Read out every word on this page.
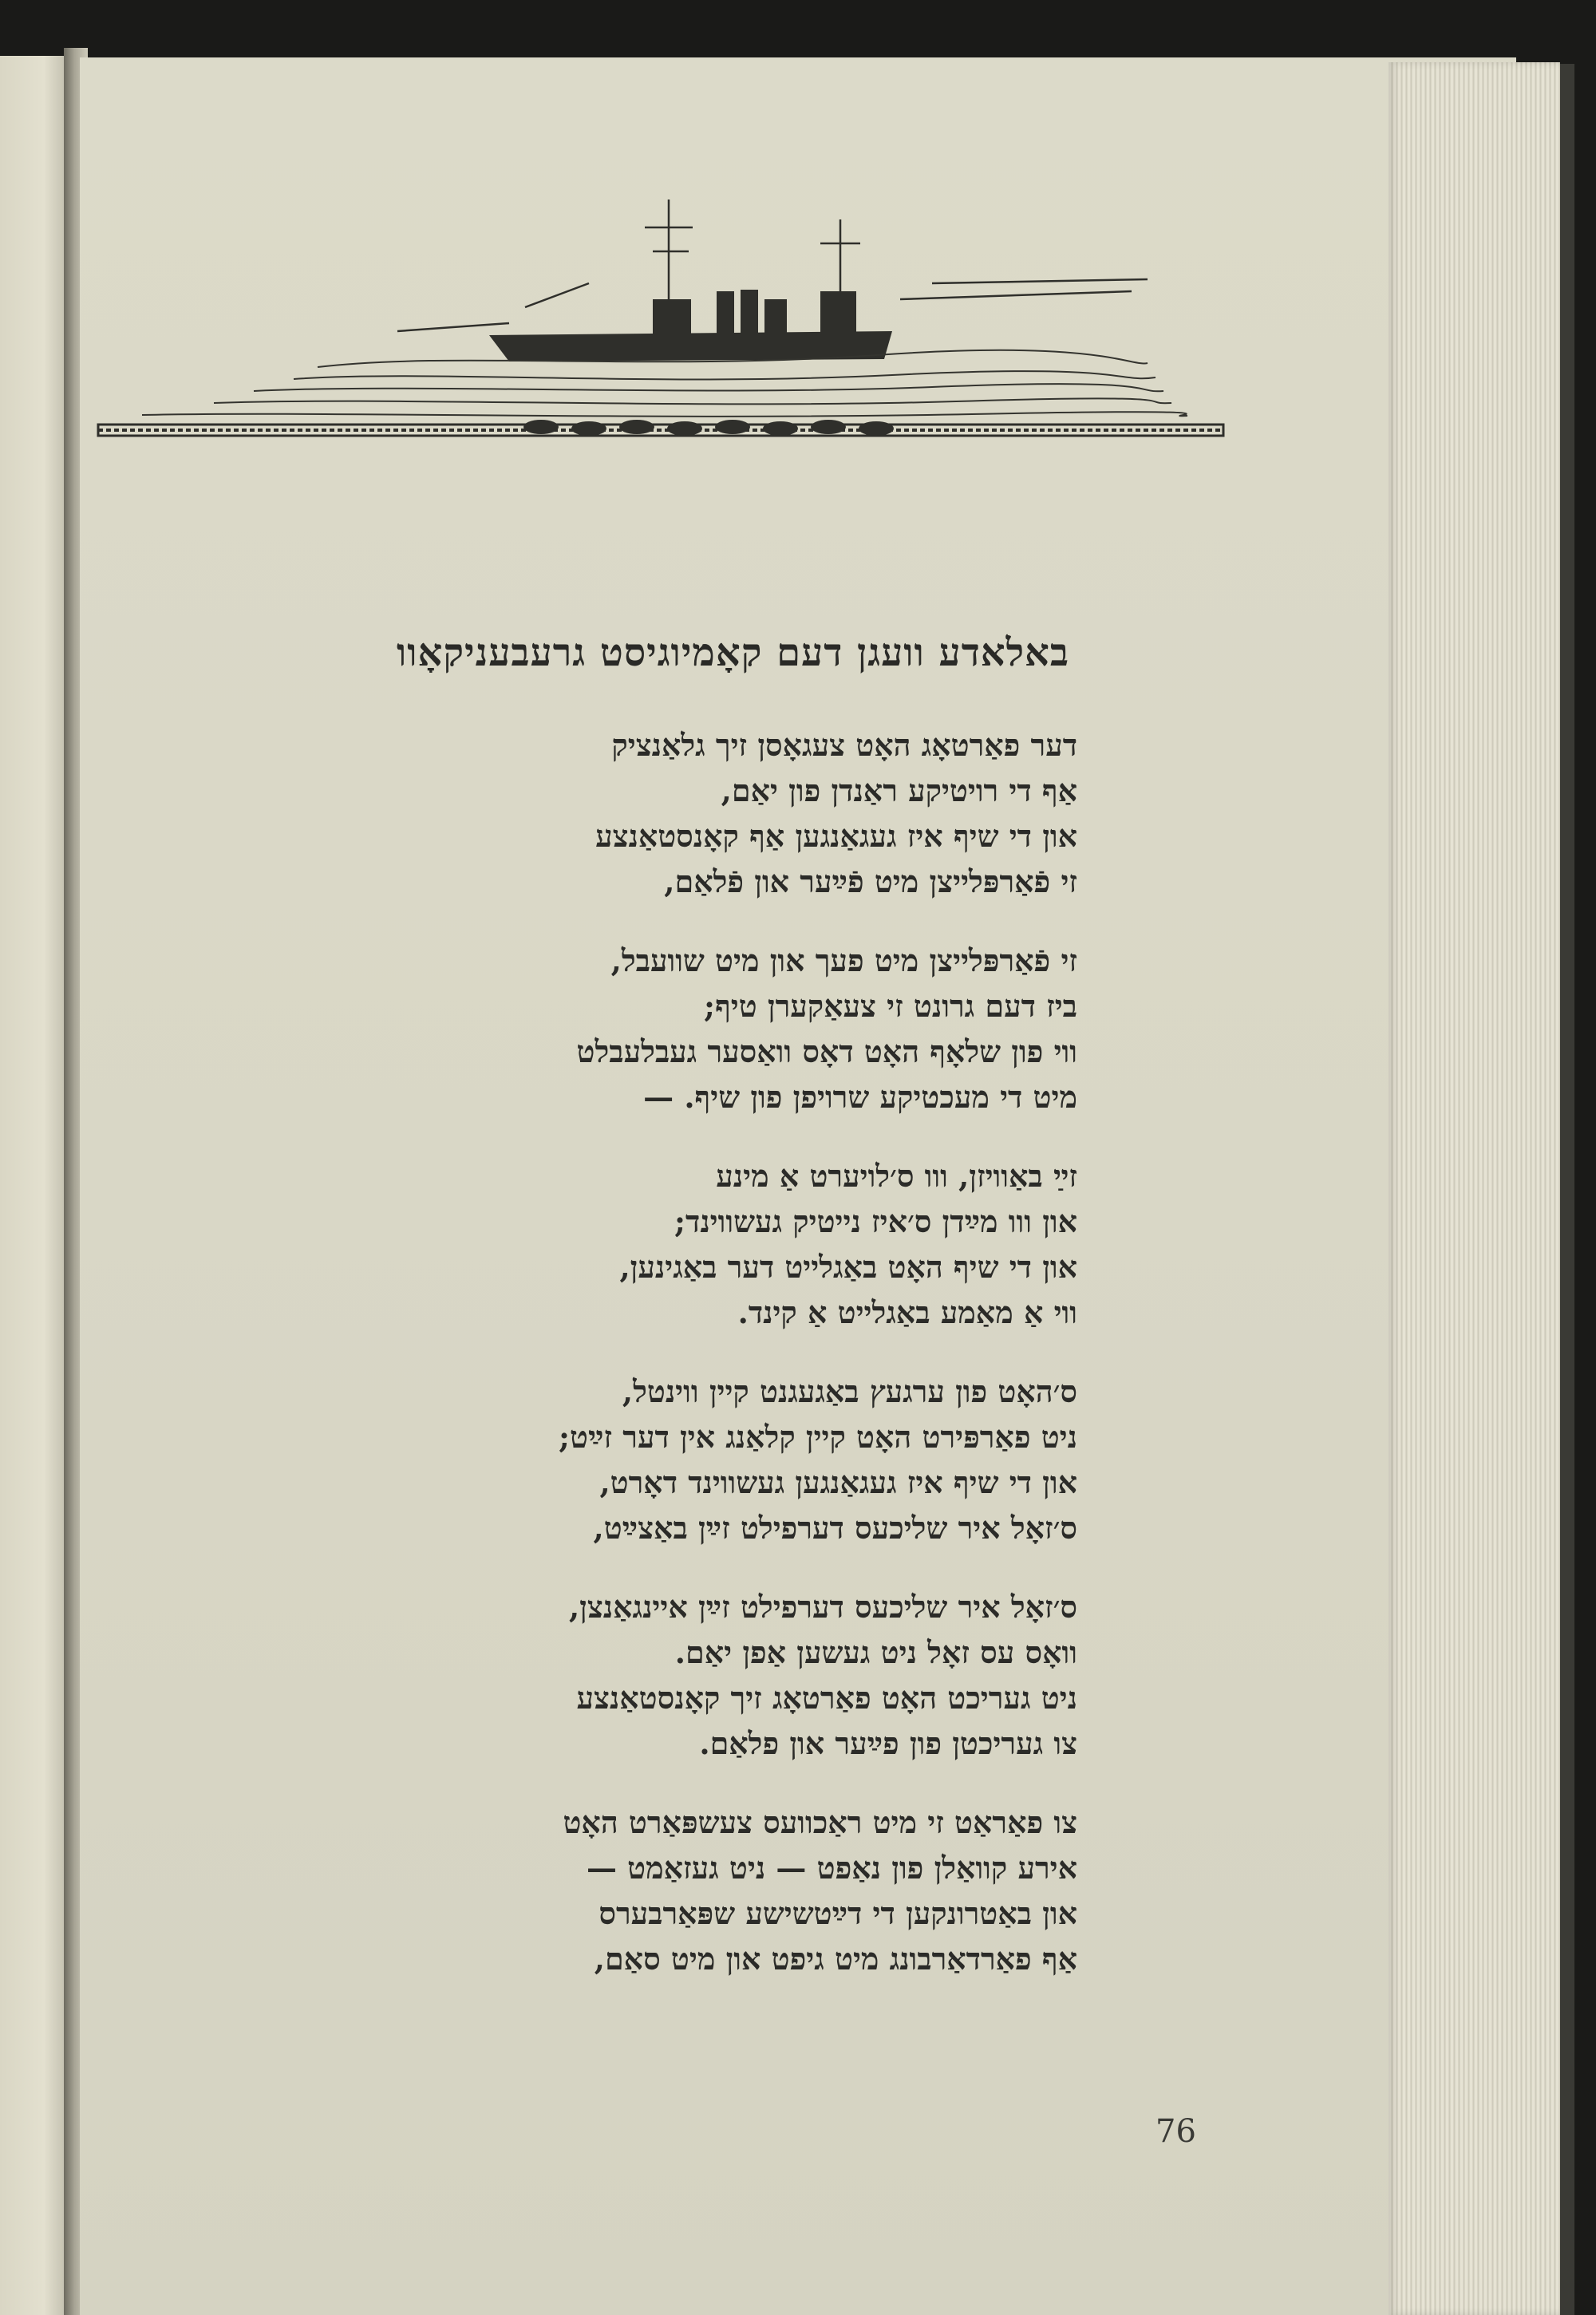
באלאדע וועגן דעם קאָמיוגיסט גרעבעניקאָוו
דער פאַרטאָג האָט צעגאָסן זיך גלאַנציק
אַף די רויטיקע ראַנדן פון יאַם,
און די שיף איז געגאַנגען אַף קאָנסטאַנצע
זי פֿאַרפּלייצן מיט פֿײַער און פֿלאַם,
זי פֿאַרפּלייצן מיט פעך און מיט שוועבל,
ביז דעם גרונט זי צעאַקערן טיף;
ווי פון שלאָף האָט דאָס וואַסער געבלעבלט
מיט די מעכטיקע שרויפן פון שיף. —
זײַ באַוויזן, ווו ס׳לויערט אַ מינע
און ווו מײַדן ס׳איז נייטיק געשווינד;
און די שיף האָט באַגלייט דער באַגינען,
ווי אַ מאַמע באַגלייט אַ קינד.
ס׳האָט פון ערגעץ באַגעגנט קיין ווינטל,
ניט פאַרפּירט האָט קיין קלאַנג אין דער זײַט;
און די שיף איז געגאַנגען געשווינד דאָרט,
ס׳זאָל איר שליכעס דערפילט זײַן באַצײַט,
ס׳זאָל איר שליכעס דערפילט זײַן איינגאַנצן,
וואָס עס זאָל ניט געשען אַפן יאַם.
ניט געריכט האָט פאַרטאָג זיך קאָנסטאַנצע
צו געריכטן פון פײַער און פלאַם.
צו פאַראַט זי מיט ראַכוועס צעשפּאַרט האָט
אירע קוואַלן פון נאַפט — ניט געזאַמט —
און באַטרונקען די דײַטשישע שפּאַרבערס
אַף פאַרדאַרבונג מיט גיפט און מיט סאַם,
76
